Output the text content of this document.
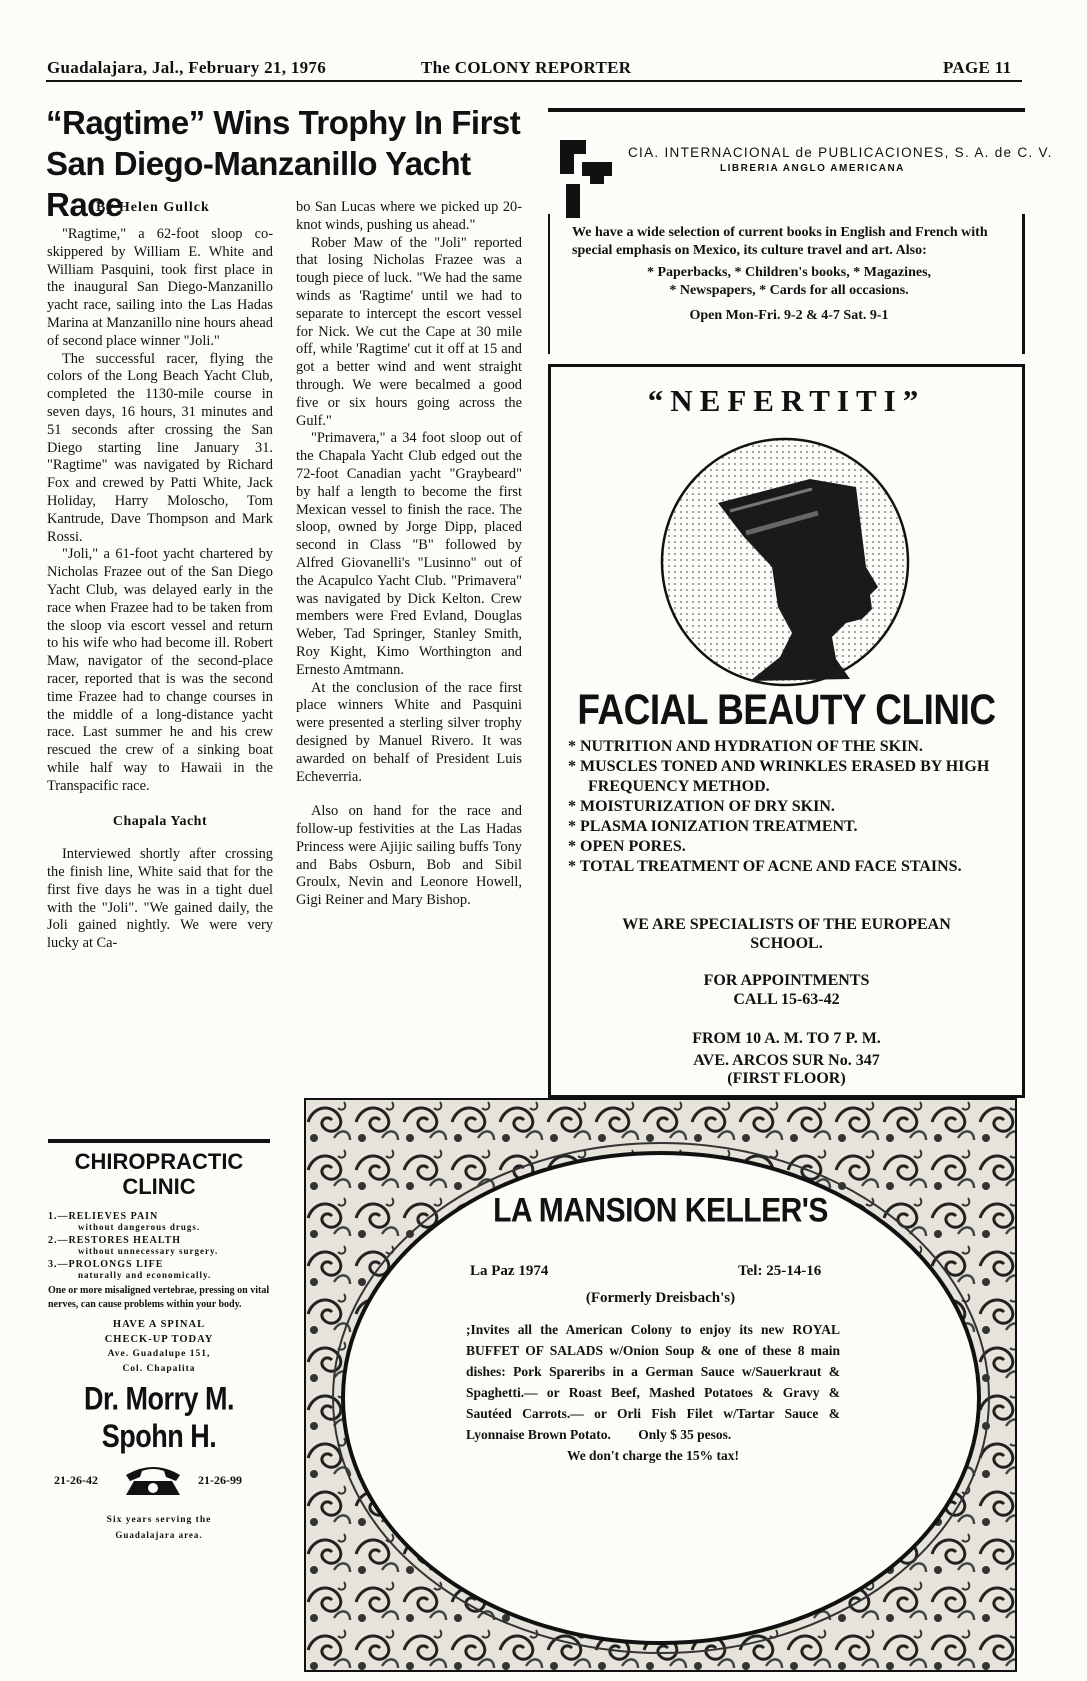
Guadalajara, Jal., February 21, 1976	The COLONY REPORTER	PAGE 11
“Ragtime” Wins Trophy In First
San Diego-Manzanillo Yacht Race
By Helen Gullck

"Ragtime," a 62-foot sloop co-skippered by William E. White and William Pasquini, took first place in the inaugural San Diego-Manzanillo yacht race, sailing into the Las Hadas Marina at Manzanillo nine hours ahead of second place winner "Joli."

The successful racer, flying the colors of the Long Beach Yacht Club, completed the 1130-mile course in seven days, 16 hours, 31 minutes and 51 seconds after crossing the San Diego starting line January 31. "Ragtime" was navigated by Richard Fox and crewed by Patti White, Jack Holiday, Harry Moloscho, Tom Kantrude, Dave Thompson and Mark Rossi.

"Joli," a 61-foot yacht chartered by Nicholas Frazee out of the San Diego Yacht Club, was delayed early in the race when Frazee had to be taken from the sloop via escort vessel and return to his wife who had become ill. Robert Maw, navigator of the second-place racer, reported that is was the second time Frazee had to change courses in the middle of a long-distance yacht race. Last summer he and his crew rescued the crew of a sinking boat while half way to Hawaii in the Transpacific race.

Chapala Yacht

Interviewed shortly after crossing the finish line, White said that for the first five days he was in a tight duel with the "Joli". "We gained daily, the Joli gained nightly. We were very lucky at Ca-

bo San Lucas where we picked up 20-knot winds, pushing us ahead."

Rober Maw of the "Joli" reported that losing Nicholas Frazee was a tough piece of luck. "We had the same winds as 'Ragtime' until we had to separate to intercept the escort vessel for Nick. We cut the Cape at 30 mile off, while 'Ragtime' cut it off at 15 and got a better wind and went straight through. We were becalmed a good five or six hours going across the Gulf."

"Primavera," a 34 foot sloop out of the Chapala Yacht Club edged out the 72-foot Canadian yacht "Graybeard" by half a length to become the first Mexican vessel to finish the race. The sloop, owned by Jorge Dipp, placed second in Class "B" followed by Alfred Giovanelli's "Lusinno" out of the Acapulco Yacht Club. "Primavera" was navigated by Dick Kelton. Crew members were Fred Evland, Douglas Weber, Tad Springer, Stanley Smith, Roy Kight, Kimo Worthington and Ernesto Amtmann.

At the conclusion of the race first place winners White and Pasquini were presented a sterling silver trophy designed by Manuel Rivero. It was awarded on behalf of President Luis Echeverria.

Also on hand for the race and follow-up festivities at the Las Hadas Princess were Ajijic sailing buffs Tony and Babs Osburn, Bob and Sibil Groulx, Nevin and Leonore Howell, Gigi Reiner and Mary Bishop.

CIA. INTERNACIONAL de PUBLICACIONES, S. A. de C. V.
LIBRERIA ANGLO AMERICANA
We have a wide selection of current books in English and French with special emphasis on Mexico, its culture travel and art. Also:
* Paperbacks, * Children's books, * Magazines,
* Newspapers, * Cards for all occasions.
Open Mon-Fri. 9-2 & 4-7 Sat. 9-1
“NEFERTITI”
FACIAL BEAUTY CLINIC
* NUTRITION AND HYDRATION OF THE SKIN.
* MUSCLES TONED AND WRINKLES ERASED BY HIGH FREQUENCY METHOD.
* MOISTURIZATION OF DRY SKIN.
* PLASMA IONIZATION TREATMENT.
* OPEN PORES.
* TOTAL TREATMENT OF ACNE AND FACE STAINS.
WE ARE SPECIALISTS OF THE EUROPEAN SCHOOL.
FOR APPOINTMENTS
CALL 15-63-42
FROM 10 A. M. TO 7 P. M.
AVE. ARCOS SUR No. 347
(FIRST FLOOR)
CHIROPRACTIC
CLINIC
1.—RELIEVES PAIN
without dangerous drugs.
2.—RESTORES HEALTH
without unnecessary surgery.
3.—PROLONGS LIFE
naturally and economically.
One or more misaligned vertebrae, pressing on vital nerves, can cause problems within your body.
HAVE A SPINAL
CHECK-UP TODAY
Ave. Guadalupe 151,
Col. Chapalita
Dr. Morry M. Spohn H.
21-26-42	21-26-99
Six years serving the
Guadalajara area.
LA MANSION KELLER'S
La Paz 1974	Tel: 25-14-16
(Formerly Dreisbach's)
;Invites all the American Colony to enjoy its new ROYAL BUFFET OF SALADS w/Onion Soup & one of these 8 main dishes: Pork Spareribs in a German Sauce w/Sauerkraut & Spaghetti.— or Roast Beef, Mashed Potatoes & Gravy & Sautéed Carrots.— or Orli Fish Filet w/Tartar Sauce & Lyonnaise Brown Potato. Only $ 35 pesos.
We don't charge the 15% tax!
